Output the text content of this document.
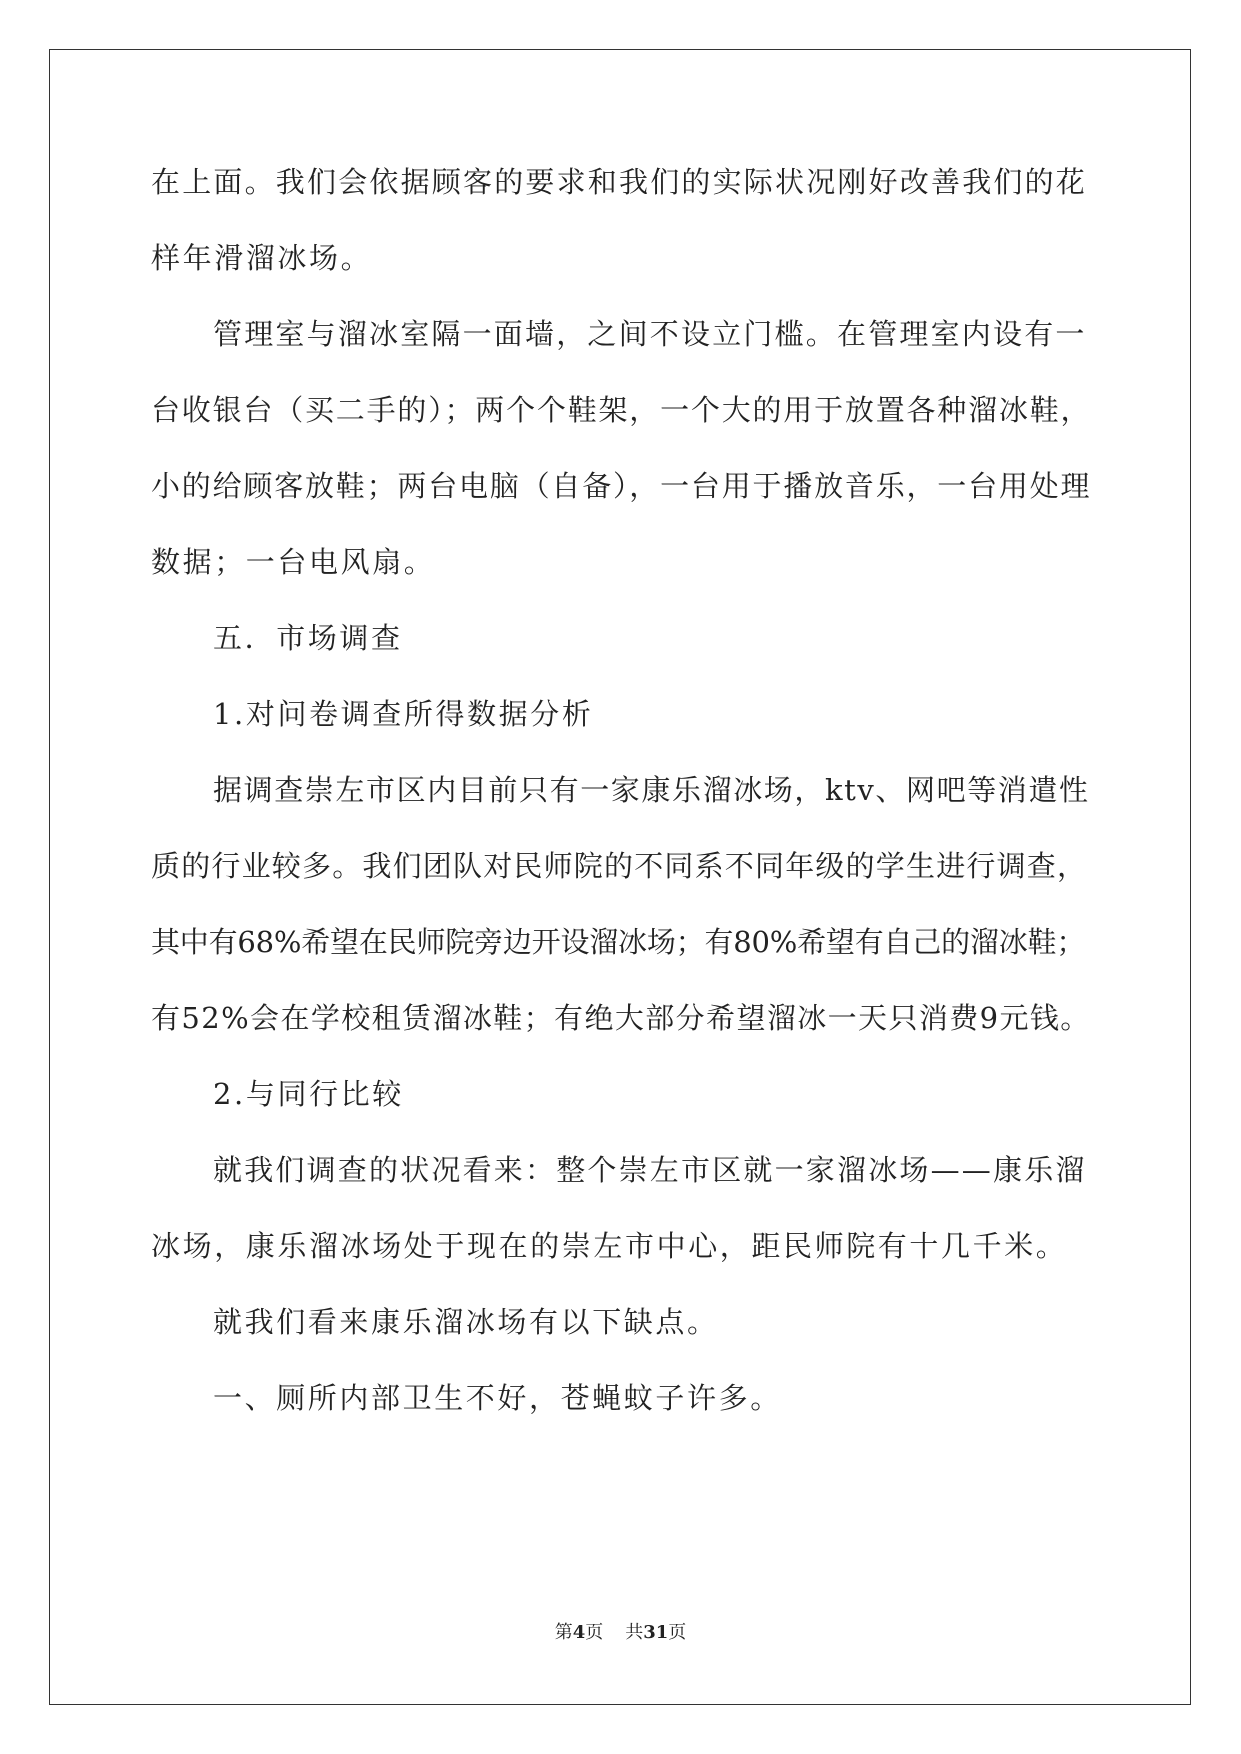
在上面。我们会依据顾客的要求和我们的实际状况刚好改善我们的花
样年滑溜冰场。
管理室与溜冰室隔一面墙，之间不设立门槛。在管理室内设有一
台收银台（买二手的）；两个个鞋架，一个大的用于放置各种溜冰鞋，
小的给顾客放鞋；两台电脑（自备），一台用于播放音乐，一台用处理
数据；一台电风扇。
五．市场调查
1.对问卷调查所得数据分析
据调查崇左市区内目前只有一家康乐溜冰场，ktv、网吧等消遣性
质的行业较多。我们团队对民师院的不同系不同年级的学生进行调查，
其中有68%希望在民师院旁边开设溜冰场；有80%希望有自己的溜冰鞋；
有52%会在学校租赁溜冰鞋；有绝大部分希望溜冰一天只消费9元钱。
2.与同行比较
就我们调查的状况看来：整个崇左市区就一家溜冰场——康乐溜
冰场，康乐溜冰场处于现在的崇左市中心，距民师院有十几千米。
就我们看来康乐溜冰场有以下缺点。
一、厕所内部卫生不好，苍蝇蚊子许多。
第4页 共31页
